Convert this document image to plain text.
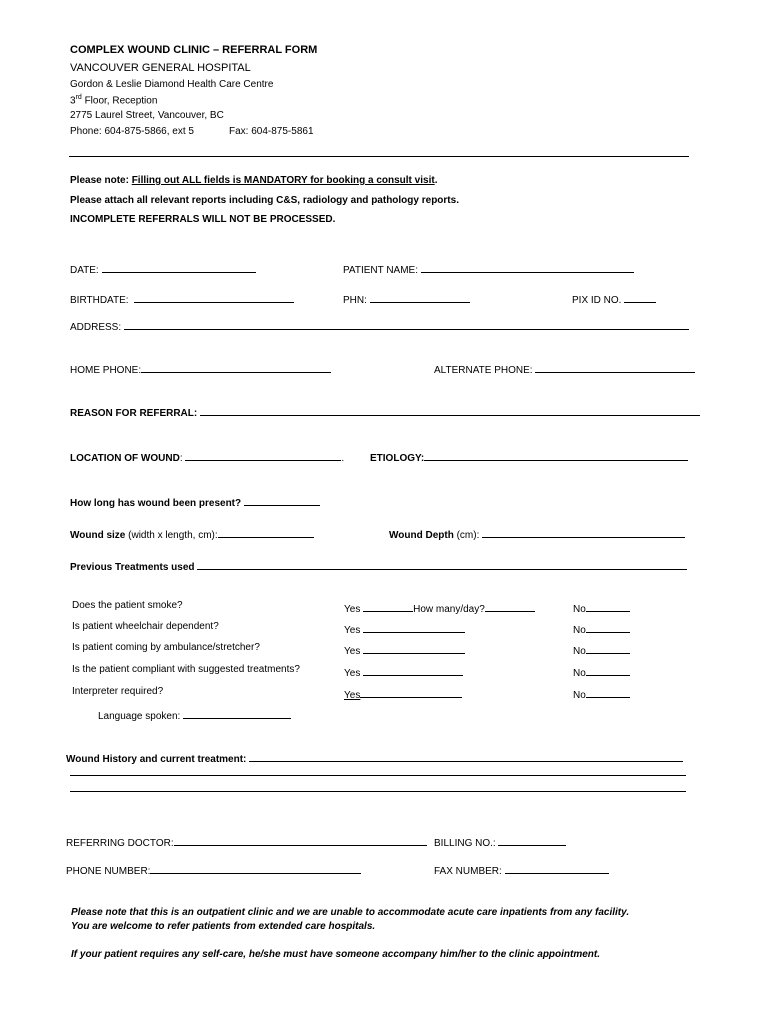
COMPLEX WOUND CLINIC – REFERRAL FORM
VANCOUVER GENERAL HOSPITAL
Gordon & Leslie Diamond Health Care Centre
3rd Floor, Reception
2775 Laurel Street, Vancouver, BC
Phone: 604-875-5866, ext 5	Fax: 604-875-5861
Please note: Filling out ALL fields is MANDATORY for booking a consult visit.
Please attach all relevant reports including C&S, radiology and pathology reports.
INCOMPLETE REFERRALS WILL NOT BE PROCESSED.
DATE:	PATIENT NAME:
BIRTHDATE:	PHN:	PIX ID NO.
ADDRESS:
HOME PHONE:	ALTERNATE PHONE:
REASON FOR REFERRAL:
LOCATION OF WOUND:	.	ETIOLOGY:
How long has wound been present?
Wound size (width x length, cm):	Wound Depth (cm):
Previous Treatments used
Does the patient smoke?	Yes	How many/day?	No
Is patient wheelchair dependent?	Yes	No
Is patient coming by ambulance/stretcher?	Yes	No
Is the patient compliant with suggested treatments?	Yes	No
Interpreter required?	Yes	No
Language spoken:
Wound History and current treatment:
REFERRING DOCTOR:	BILLING NO.:
PHONE NUMBER:	FAX NUMBER:
Please note that this is an outpatient clinic and we are unable to accommodate acute care inpatients from any facility.
You are welcome to refer patients from extended care hospitals.
If your patient requires any self-care, he/she must have someone accompany him/her to the clinic appointment.
